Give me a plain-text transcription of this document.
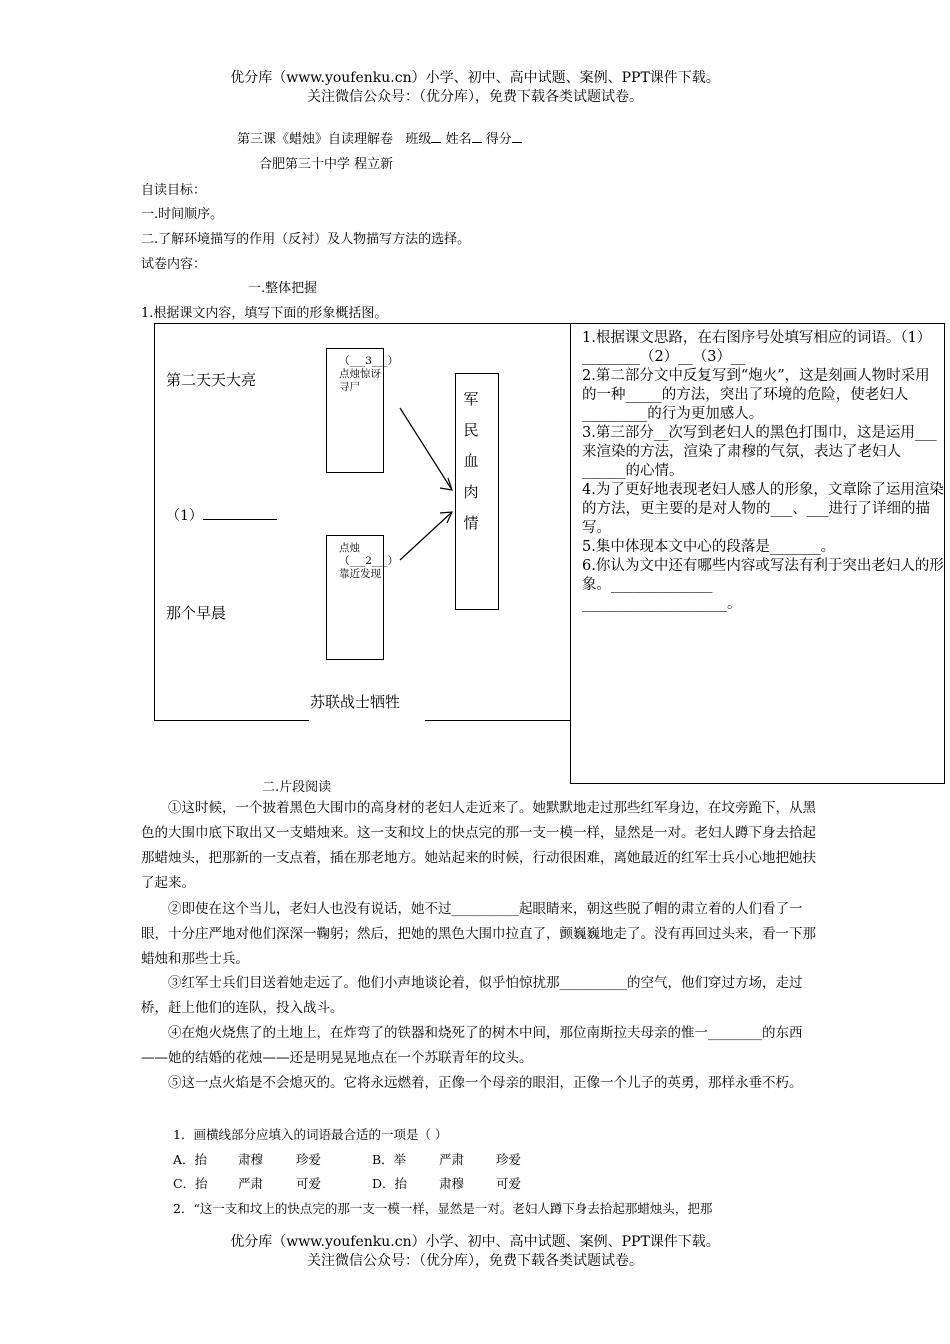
优分库（www.youfenku.cn）小学、初中、高中试题、案例、PPT课件下载。
关注微信公众号：（优分库），免费下载各类试题试卷。
第三课《蜡烛》自读理解卷 班级 姓名 得分
合肥第三十中学 程立新
自读目标：
一.时间顺序。
二.了解环境描写的作用（反衬）及人物描写方法的选择。
试卷内容：
一.整体把握
1.根据课文内容，填写下面的形象概括图。
第二天天大亮
（1）
那个早晨
（___3___）
点烛惊讶寻尸
点烛
（___2___）
靠近发现
军
民
血
肉
情
苏联战士牺牲
1.根据课文思路，在右图序号处填写相应的词语。（1）________（2）__（3）__
2.第二部分文中反复写到“炮火”，这是刻画人物时采用的一种_____的方法，突出了环境的危险，使老妇人_________的行为更加感人。
3.第三部分__次写到老妇人的黑色打围巾，这是运用___来渲染的方法，渲染了肃穆的气氛，表达了老妇人______的心情。
4.为了更好地表现老妇人感人的形象，文章除了运用渲染的方法，更主要的是对人物的___、___进行了详细的描写。
5.集中体现本文中心的段落是_______。
6.你认为文中还有哪些内容或写法有利于突出老妇人的形象。______________
____________________。
二.片段阅读
①这时候，一个披着黑色大围巾的高身材的老妇人走近来了。她默默地走过那些红军身边，在坟旁跪下，从黑色的大围巾底下取出又一支蜡烛来。这一支和坟上的快点完的那一支一模一样，显然是一对。老妇人蹲下身去拾起那蜡烛头，把那新的一支点着，插在那老地方。她站起来的时候，行动很困难，离她最近的红军士兵小心地把她扶了起来。
②即使在这个当儿，老妇人也没有说话，她不过__________起眼睛来，朝这些脱了帽的肃立着的人们看了一眼，十分庄严地对他们深深一鞠躬；然后，把她的黑色大围巾拉直了，颤巍巍地走了。没有再回过头来，看一下那蜡烛和那些士兵。
③红军士兵们目送着她走远了。他们小声地谈论着，似乎怕惊扰那__________的空气，他们穿过方场，走过桥，赶上他们的连队，投入战斗。
④在炮火烧焦了的土地上，在炸弯了的铁器和烧死了的树木中间，那位南斯拉夫母亲的惟一________的东西——她的结婚的花烛——还是明晃晃地点在一个苏联青年的坟头。
⑤这一点火焰是不会熄灭的。它将永远燃着，正像一个母亲的眼泪，正像一个儿子的英勇，那样永垂不朽。
1．画横线部分应填入的词语最合适的一项是（ ）
A．抬 肃穆	珍爱	B．举	严肃	珍爱
C．抬 严肃	可爱	D．抬	肃穆	可爱
2．“这一支和坟上的快点完的那一支一模一样，显然是一对。老妇人蹲下身去拾起那蜡烛头，把那
优分库（www.youfenku.cn）小学、初中、高中试题、案例、PPT课件下载。
关注微信公众号：（优分库），免费下载各类试题试卷。
